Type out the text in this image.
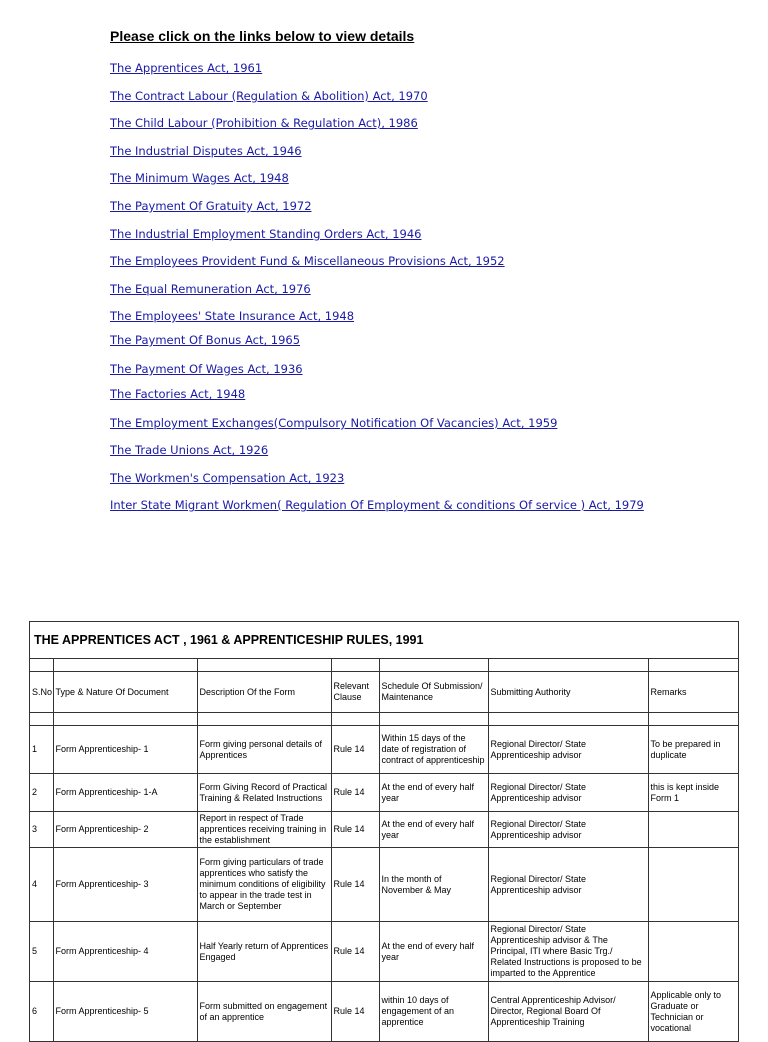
Please click on the links below to view details
The Apprentices Act, 1961
The Contract Labour (Regulation & Abolition) Act, 1970
The Child Labour (Prohibition & Regulation Act), 1986
The Industrial Disputes Act, 1946
The Minimum Wages Act, 1948
The Payment Of Gratuity Act, 1972
The Industrial Employment Standing Orders Act, 1946
The Employees Provident Fund & Miscellaneous Provisions Act, 1952
The Equal Remuneration Act, 1976
The Employees' State Insurance Act, 1948
The Payment Of Bonus Act, 1965
The Payment Of Wages Act, 1936
The Factories Act, 1948
The Employment Exchanges(Compulsory Notification Of Vacancies) Act, 1959
The Trade Unions Act, 1926
The Workmen's Compensation Act, 1923
Inter State Migrant Workmen( Regulation Of Employment & conditions Of service ) Act, 1979
THE APPRENTICES ACT , 1961 & APPRENTICESHIP RULES, 1991

S.No	Type & Nature Of Document	Description Of the Form	Relevant Clause	Schedule Of Submission/ Maintenance	Submitting Authority	Remarks

1	Form Apprenticeship- 1	Form giving personal details of Apprentices	Rule 14	Within 15 days of the date of registration of contract of apprenticeship	Regional Director/ State Apprenticeship advisor	To be prepared in duplicate
2	Form Apprenticeship- 1-A	Form Giving Record of Practical Training & Related Instructions	Rule 14	At the end of every half year	Regional Director/ State Apprenticeship advisor	this is kept inside Form 1
3	Form Apprenticeship- 2	Report in respect of Trade apprentices receiving training in the establishment	Rule 14	At the end of every half year	Regional Director/ State Apprenticeship advisor	
4	Form Apprenticeship- 3	Form giving particulars of trade apprentices who satisfy the minimum conditions of eligibility to appear in the trade test in March or September	Rule 14	In the month of November & May	Regional Director/ State Apprenticeship advisor	
5	Form Apprenticeship- 4	Half Yearly return of Apprentices Engaged	Rule 14	At the end of every half year	Regional Director/ State Apprenticeship advisor & The Principal, ITI where Basic Trg./ Related Instructions is proposed to be imparted to the Apprentice	
6	Form Apprenticeship- 5	Form submitted on engagement of an apprentice	Rule 14	within 10 days of engagement of an apprentice	Central Apprenticeship Advisor/ Director, Regional Board Of Apprenticeship Training	Applicable only to Graduate or Technician or vocational
